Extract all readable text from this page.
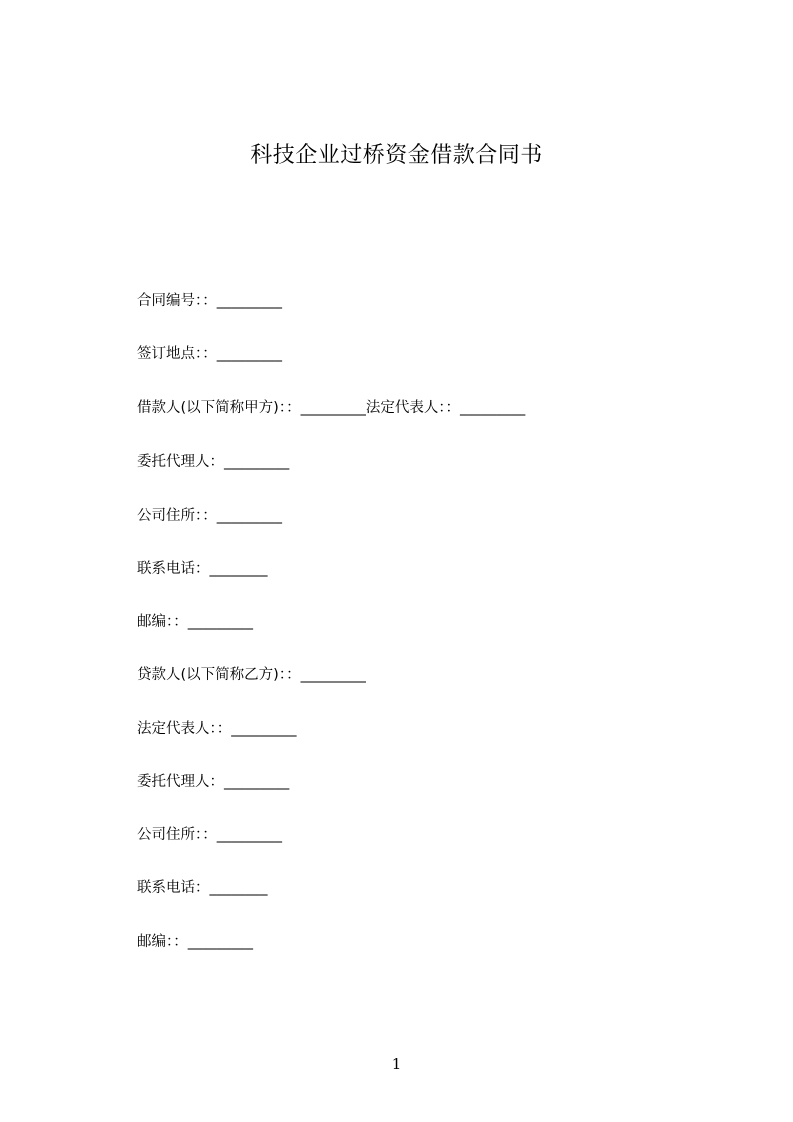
科技企业过桥资金借款合同书
合同编号：：_________
签订地点：：_________
借款人(以下简称甲方)：：_________法定代表人：：_________
委托代理人：_________
公司住所：：_________
联系电话：________
邮编：：_________
贷款人(以下简称乙方)：：_________
法定代表人：：_________
委托代理人：_________
公司住所：：_________
联系电话：________
邮编：：_________
1
